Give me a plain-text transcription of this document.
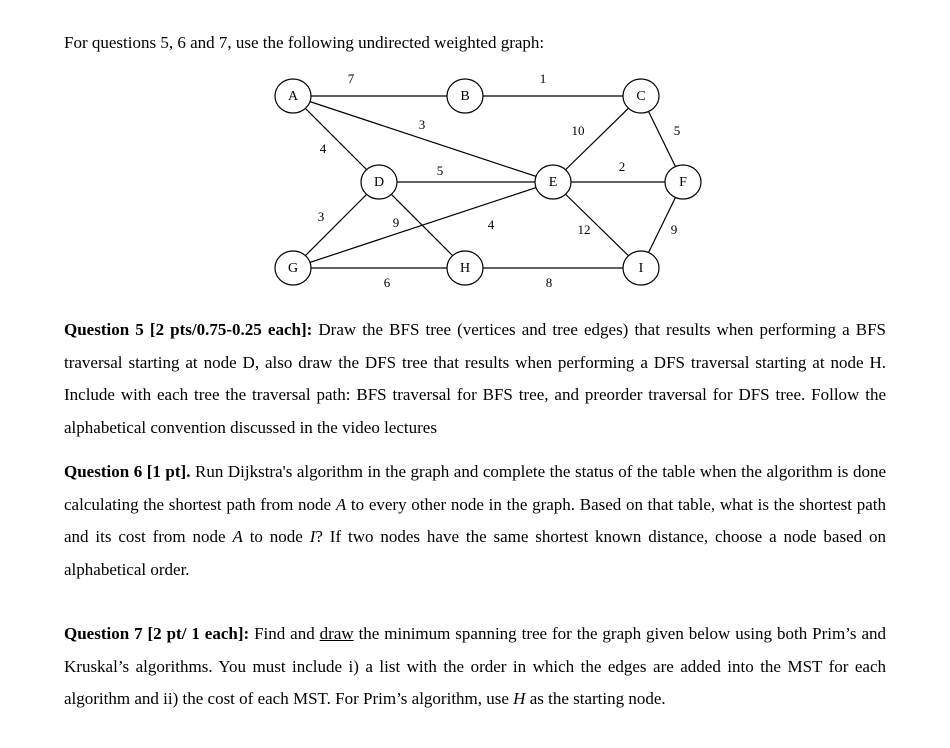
For questions 5, 6 and 7, use the following undirected weighted graph:
7
4
3
1
10	5
5
3	9
2
4	12	9
6	8
A	B	C
D	E	F
G	H	I

Question 5 [2 pts/0.75-0.25 each]: Draw the BFS tree (vertices and tree edges) that results when performing a BFS traversal starting at node D, also draw the DFS tree that results when performing a DFS traversal starting at node H. Include with each tree the traversal path: BFS traversal for BFS tree, and preorder traversal for DFS tree. Follow the alphabetical convention discussed in the video lectures

Question 6 [1 pt]. Run Dijkstra's algorithm in the graph and complete the status of the table when the algorithm is done calculating the shortest path from node A to every other node in the graph. Based on that table, what is the shortest path and its cost from node A to node I? If two nodes have the same shortest known distance, choose a node based on alphabetical order.

Question 7 [2 pt/ 1 each]: Find and draw the minimum spanning tree for the graph given below using both Prim’s and Kruskal’s algorithms. You must include i) a list with the order in which the edges are added into the MST for each algorithm and ii) the cost of each MST. For Prim’s algorithm, use H as the starting node.
